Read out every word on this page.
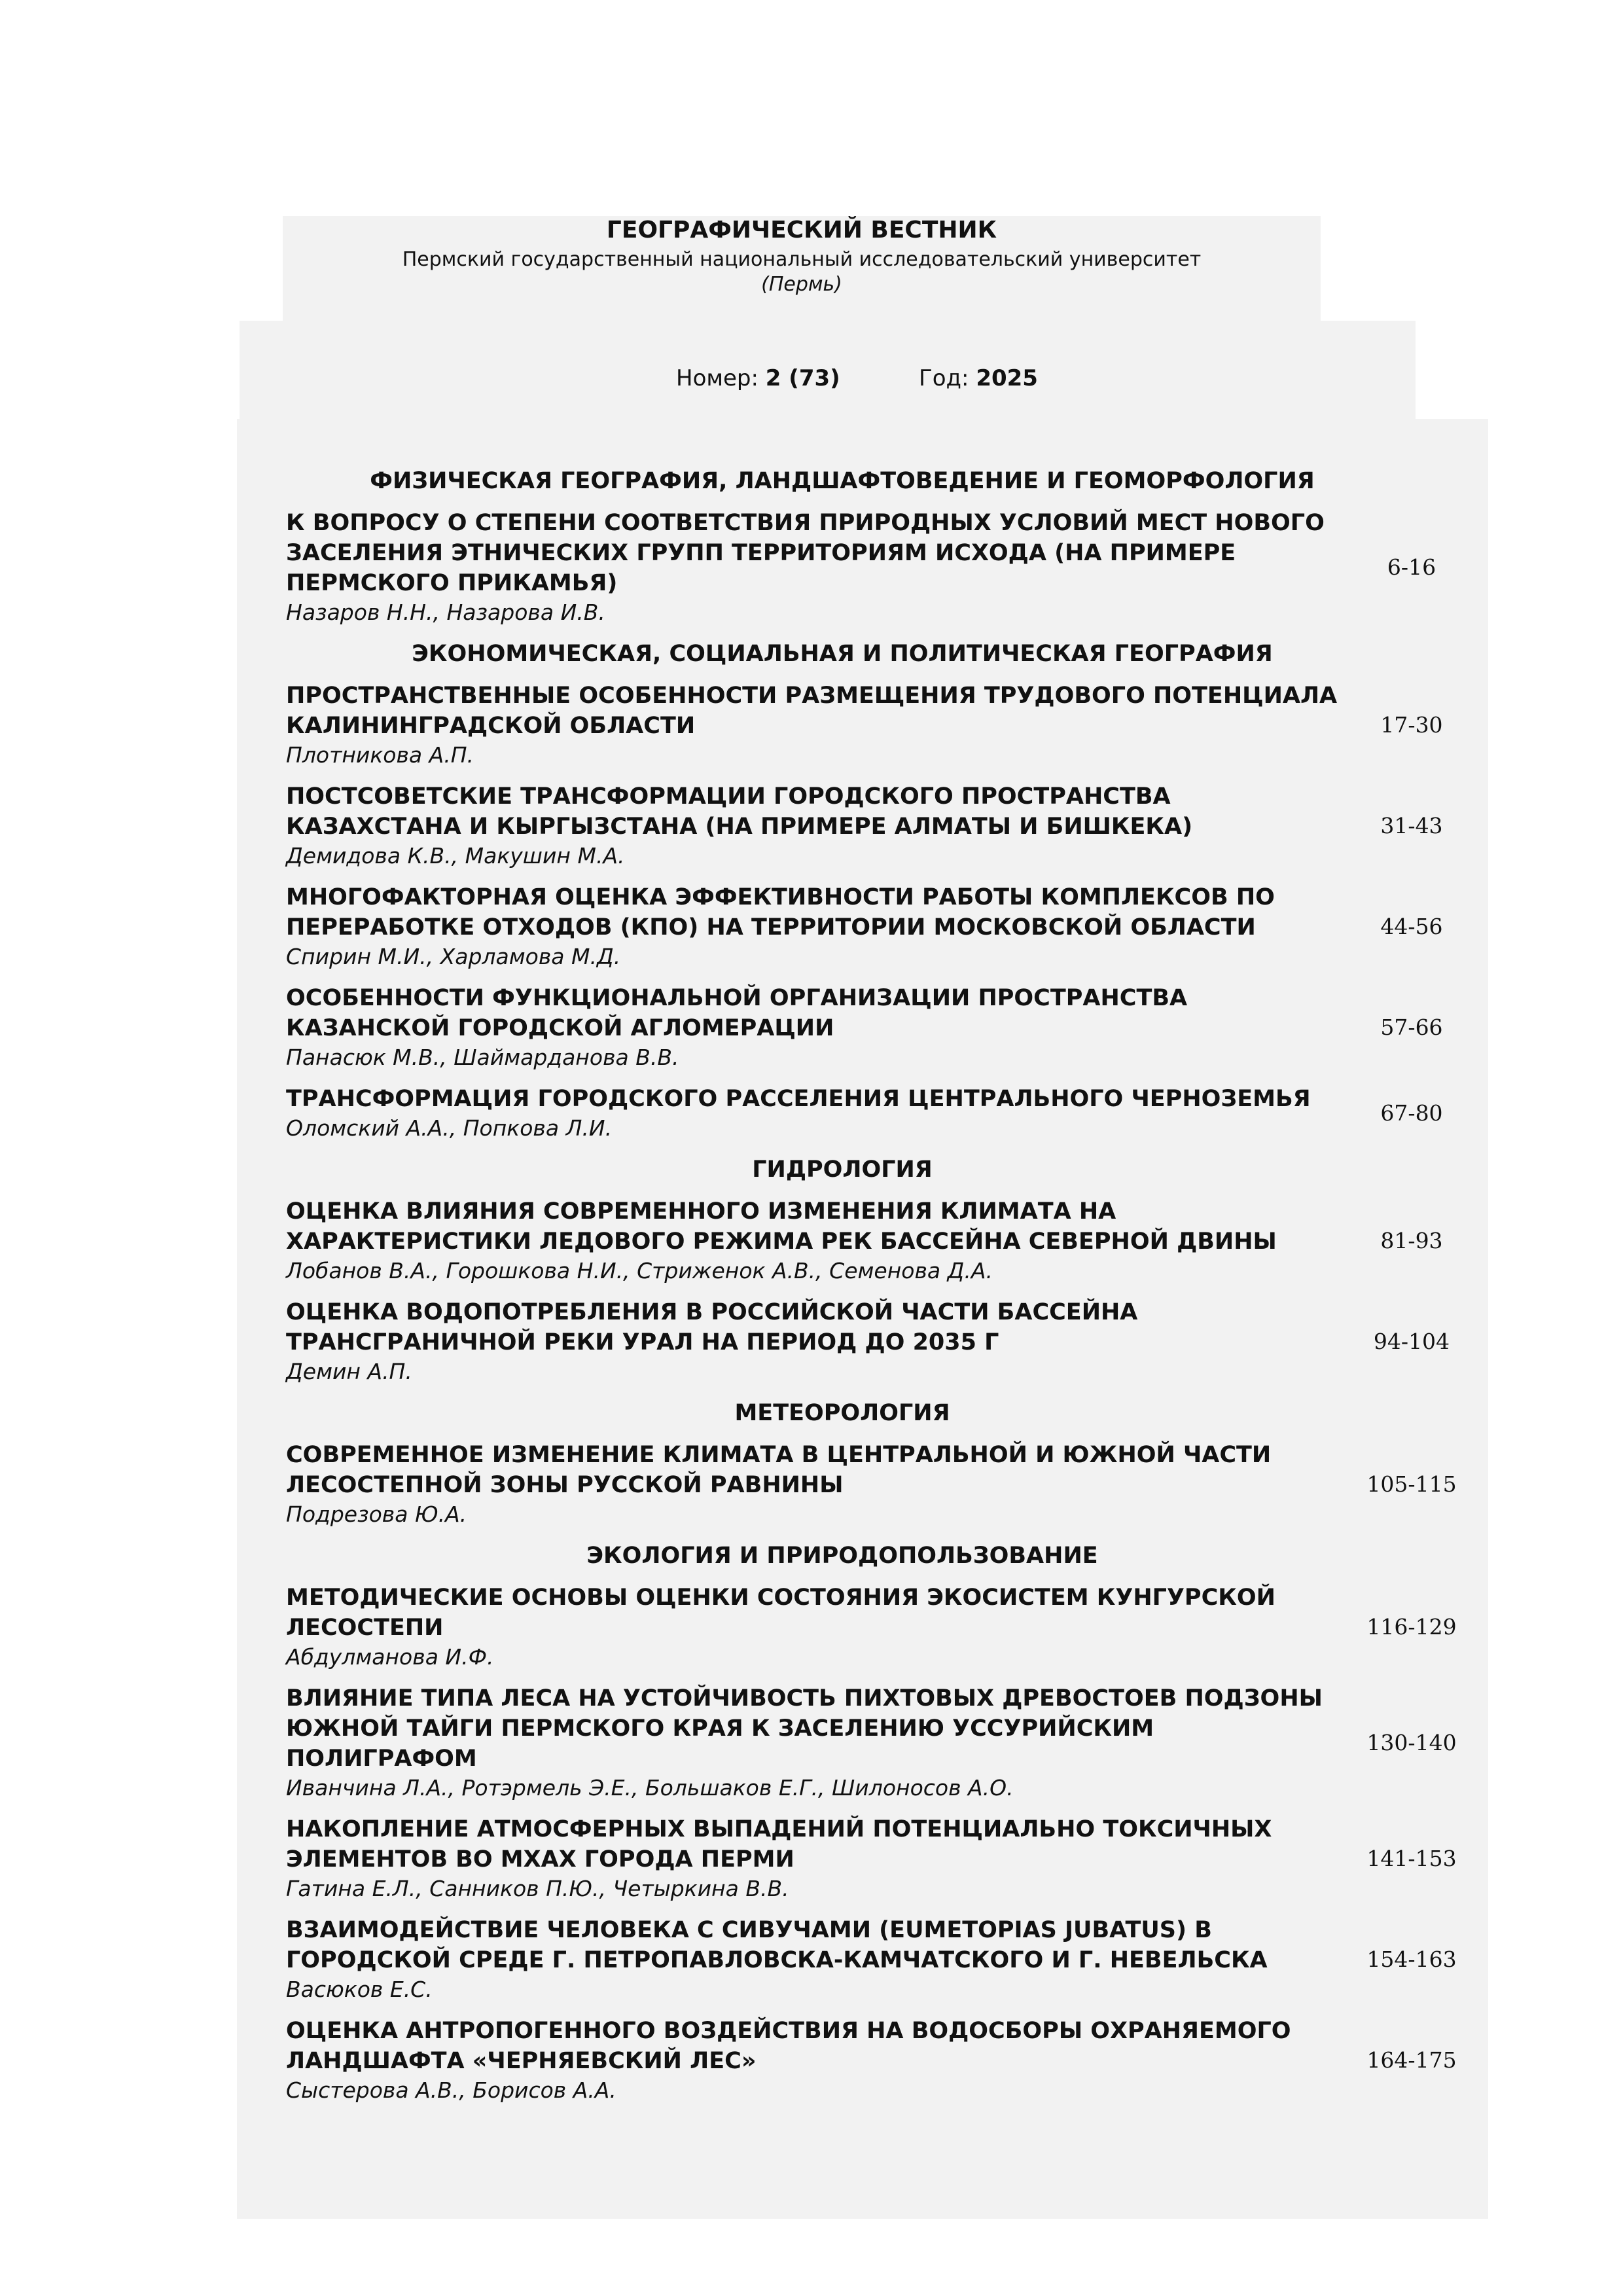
ГЕОГРАФИЧЕСКИЙ ВЕСТНИК
Пермский государственный национальный исследовательский университет
(Пермь)
Номер: 2 (73)	Год: 2025
ФИЗИЧЕСКАЯ ГЕОГРАФИЯ, ЛАНДШАФТОВЕДЕНИЕ И ГЕОМОРФОЛОГИЯ
К ВОПРОСУ О СТЕПЕНИ СООТВЕТСТВИЯ ПРИРОДНЫХ УСЛОВИЙ МЕСТ НОВОГО ЗАСЕЛЕНИЯ ЭТНИЧЕСКИХ ГРУПП ТЕРРИТОРИЯМ ИСХОДА (НА ПРИМЕРЕ ПЕРМСКОГО ПРИКАМЬЯ)
Назаров Н.Н., Назарова И.В.
6-16
ЭКОНОМИЧЕСКАЯ, СОЦИАЛЬНАЯ И ПОЛИТИЧЕСКАЯ ГЕОГРАФИЯ
ПРОСТРАНСТВЕННЫЕ ОСОБЕННОСТИ РАЗМЕЩЕНИЯ ТРУДОВОГО ПОТЕНЦИАЛА КАЛИНИНГРАДСКОЙ ОБЛАСТИ
Плотникова А.П.
17-30
ПОСТСОВЕТСКИЕ ТРАНСФОРМАЦИИ ГОРОДСКОГО ПРОСТРАНСТВА КАЗАХСТАНА И КЫРГЫЗСТАНА (НА ПРИМЕРЕ АЛМАТЫ И БИШКЕКА)
Демидова К.В., Макушин М.А.
31-43
МНОГОФАКТОРНАЯ ОЦЕНКА ЭФФЕКТИВНОСТИ РАБОТЫ КОМПЛЕКСОВ ПО ПЕРЕРАБОТКЕ ОТХОДОВ (КПО) НА ТЕРРИТОРИИ МОСКОВСКОЙ ОБЛАСТИ
Спирин М.И., Харламова М.Д.
44-56
ОСОБЕННОСТИ ФУНКЦИОНАЛЬНОЙ ОРГАНИЗАЦИИ ПРОСТРАНСТВА КАЗАНСКОЙ ГОРОДСКОЙ АГЛОМЕРАЦИИ
Панасюк М.В., Шаймарданова В.В.
57-66
ТРАНСФОРМАЦИЯ ГОРОДСКОГО РАССЕЛЕНИЯ ЦЕНТРАЛЬНОГО ЧЕРНОЗЕМЬЯ
Оломский А.А., Попкова Л.И.
67-80
ГИДРОЛОГИЯ
ОЦЕНКА ВЛИЯНИЯ СОВРЕМЕННОГО ИЗМЕНЕНИЯ КЛИМАТА НА ХАРАКТЕРИСТИКИ ЛЕДОВОГО РЕЖИМА РЕК БАССЕЙНА СЕВЕРНОЙ ДВИНЫ
Лобанов В.А., Горошкова Н.И., Стриженок А.В., Семенова Д.А.
81-93
ОЦЕНКА ВОДОПОТРЕБЛЕНИЯ В РОССИЙСКОЙ ЧАСТИ БАССЕЙНА ТРАНСГРАНИЧНОЙ РЕКИ УРАЛ НА ПЕРИОД ДО 2035 Г
Демин А.П.
94-104
МЕТЕОРОЛОГИЯ
СОВРЕМЕННОЕ ИЗМЕНЕНИЕ КЛИМАТА В ЦЕНТРАЛЬНОЙ И ЮЖНОЙ ЧАСТИ ЛЕСОСТЕПНОЙ ЗОНЫ РУССКОЙ РАВНИНЫ
Подрезова Ю.А.
105-115
ЭКОЛОГИЯ И ПРИРОДОПОЛЬЗОВАНИЕ
МЕТОДИЧЕСКИЕ ОСНОВЫ ОЦЕНКИ СОСТОЯНИЯ ЭКОСИСТЕМ КУНГУРСКОЙ ЛЕСОСТЕПИ
Абдулманова И.Ф.
116-129
ВЛИЯНИЕ ТИПА ЛЕСА НА УСТОЙЧИВОСТЬ ПИХТОВЫХ ДРЕВОСТОЕВ ПОДЗОНЫ ЮЖНОЙ ТАЙГИ ПЕРМСКОГО КРАЯ К ЗАСЕЛЕНИЮ УССУРИЙСКИМ ПОЛИГРАФОМ
Иванчина Л.А., Ротэрмель Э.Е., Большаков Е.Г., Шилоносов А.О.
130-140
НАКОПЛЕНИЕ АТМОСФЕРНЫХ ВЫПАДЕНИЙ ПОТЕНЦИАЛЬНО ТОКСИЧНЫХ ЭЛЕМЕНТОВ ВО МХАХ ГОРОДА ПЕРМИ
Гатина Е.Л., Санников П.Ю., Четыркина В.В.
141-153
ВЗАИМОДЕЙСТВИЕ ЧЕЛОВЕКА С СИВУЧАМИ (EUMETOPIAS JUBATUS) В ГОРОДСКОЙ СРЕДЕ Г. ПЕТРОПАВЛОВСКА-КАМЧАТСКОГО И Г. НЕВЕЛЬСКА
Васюков Е.С.
154-163
ОЦЕНКА АНТРОПОГЕННОГО ВОЗДЕЙСТВИЯ НА ВОДОСБОРЫ ОХРАНЯЕМОГО ЛАНДШАФТА «ЧЕРНЯЕВСКИЙ ЛЕС»
Сыстерова А.В., Борисов А.А.
164-175
